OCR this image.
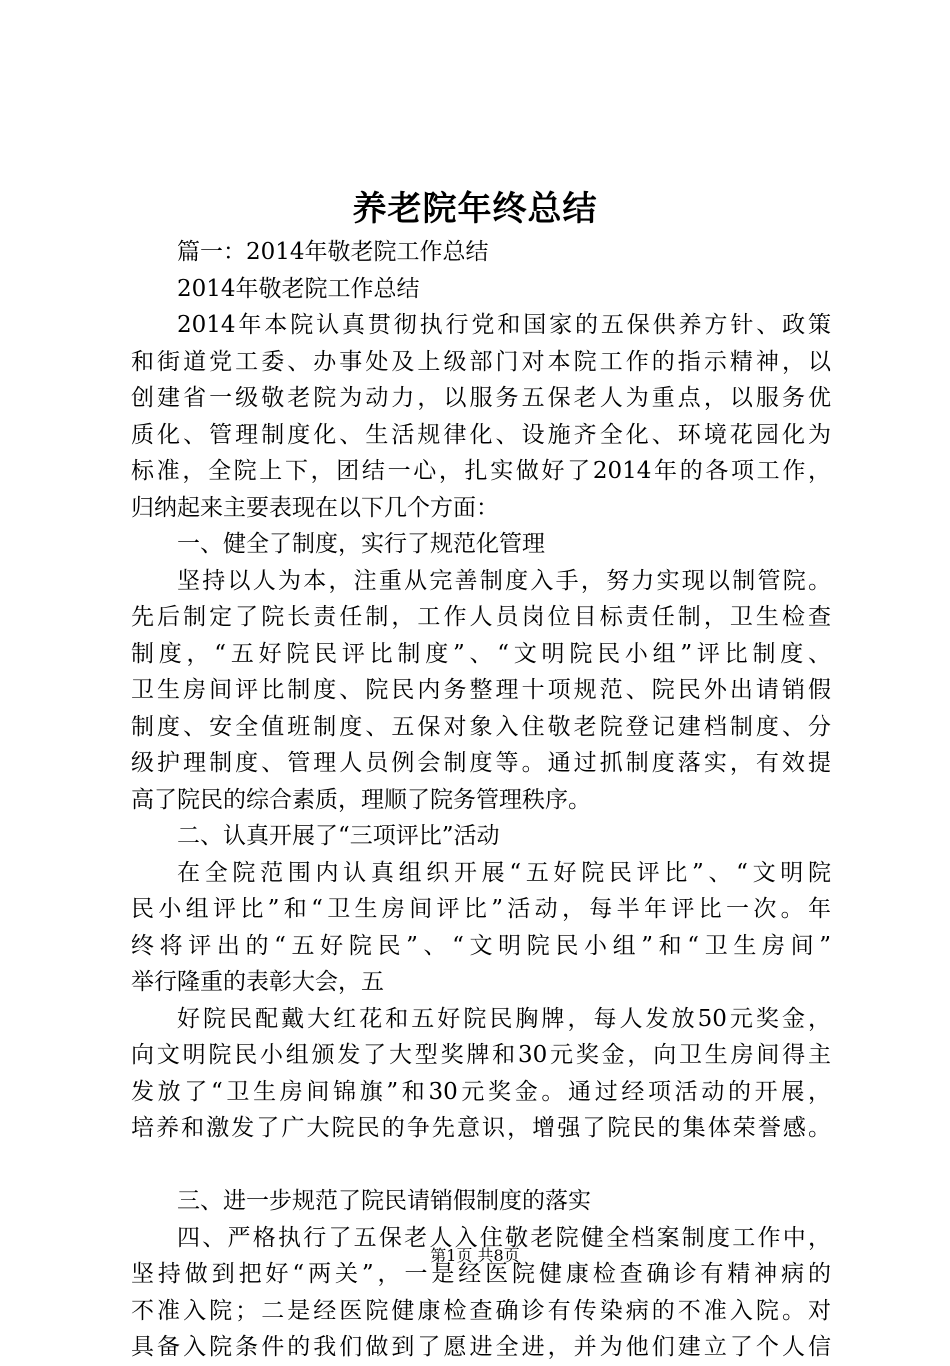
养老院年终总结
篇一：2014年敬老院工作总结
2014年敬老院工作总结
2014年本院认真贯彻执行党和国家的五保供养方针、政策
和街道党工委、办事处及上级部门对本院工作的指示精神，以
创建省一级敬老院为动力，以服务五保老人为重点，以服务优
质化、管理制度化、生活规律化、设施齐全化、环境花园化为
标准，全院上下，团结一心，扎实做好了2014年的各项工作，
归纳起来主要表现在以下几个方面：
一、健全了制度，实行了规范化管理
坚持以人为本，注重从完善制度入手，努力实现以制管院。
先后制定了院长责任制，工作人员岗位目标责任制，卫生检查
制度，“五好院民评比制度”、“文明院民小组”评比制度、
卫生房间评比制度、院民内务整理十项规范、院民外出请销假
制度、安全值班制度、五保对象入住敬老院登记建档制度、分
级护理制度、管理人员例会制度等。通过抓制度落实，有效提
高了院民的综合素质，理顺了院务管理秩序。
二、认真开展了“三项评比”活动
在全院范围内认真组织开展“五好院民评比”、“文明院
民小组评比”和“卫生房间评比”活动，每半年评比一次。年
终将评出的“五好院民”、“文明院民小组”和“卫生房间”
举行隆重的表彰大会，五
好院民配戴大红花和五好院民胸牌，每人发放50元奖金，
向文明院民小组颁发了大型奖牌和30元奖金，向卫生房间得主
发放了“卫生房间锦旗”和30元奖金。通过经项活动的开展，
培养和激发了广大院民的争先意识，增强了院民的集体荣誉感。
三、进一步规范了院民请销假制度的落实
四、严格执行了五保老人入住敬老院健全档案制度工作中，
坚持做到把好“两关”，一是经医院健康检查确诊有精神病的
不准入院；二是经医院健康检查确诊有传染病的不准入院。对
具备入院条件的我们做到了愿进全进，并为他们建立了个人信
第1页 共8页
